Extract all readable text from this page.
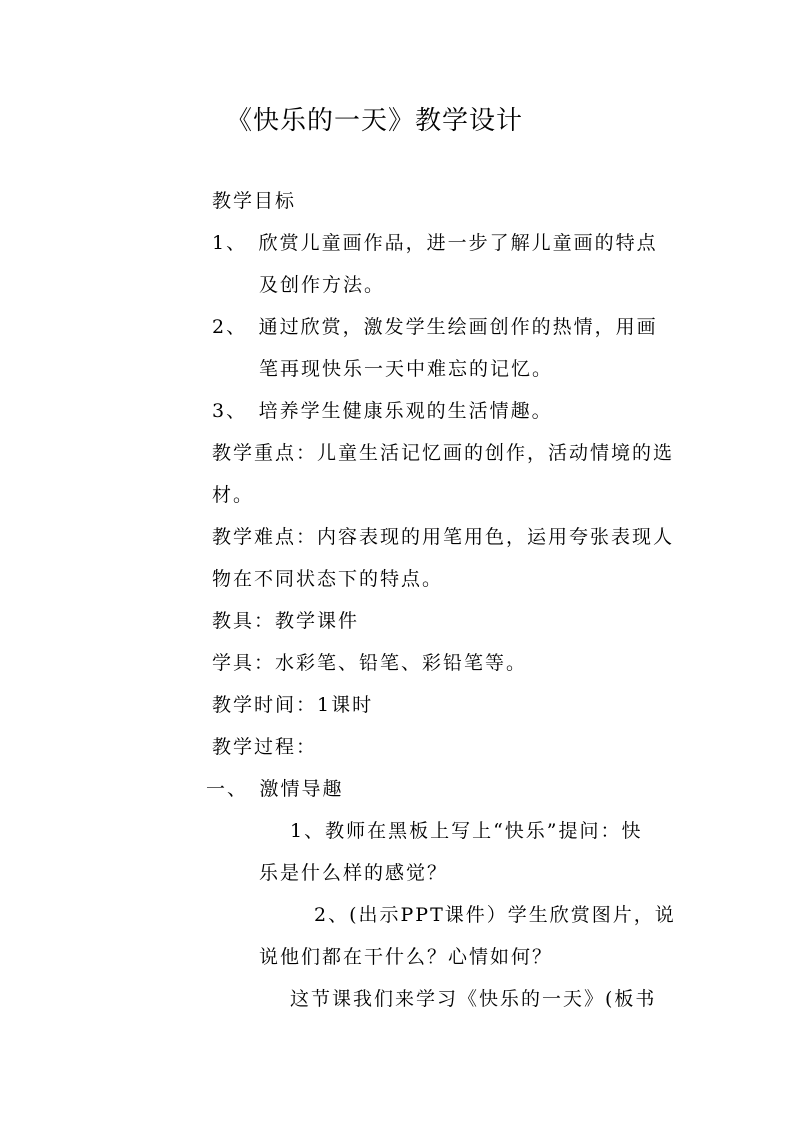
《快乐的一天》教学设计
教学目标
1、　欣赏儿童画作品，进一步了解儿童画的特点
及创作方法。
2、　通过欣赏，激发学生绘画创作的热情，用画
笔再现快乐一天中难忘的记忆。
3、　培养学生健康乐观的生活情趣。
教学重点：儿童生活记忆画的创作，活动情境的选
材。
教学难点：内容表现的用笔用色，运用夸张表现人
物在不同状态下的特点。
教具：教学课件
学具：水彩笔、铅笔、彩铅笔等。
教学时间：1课时
教学过程：
一、　激情导趣
1、教师在黑板上写上“快乐”提问：快
乐是什么样的感觉？
2、(出示PPT课件）学生欣赏图片，说
说他们都在干什么？心情如何？
这节课我们来学习《快乐的一天》(板书
